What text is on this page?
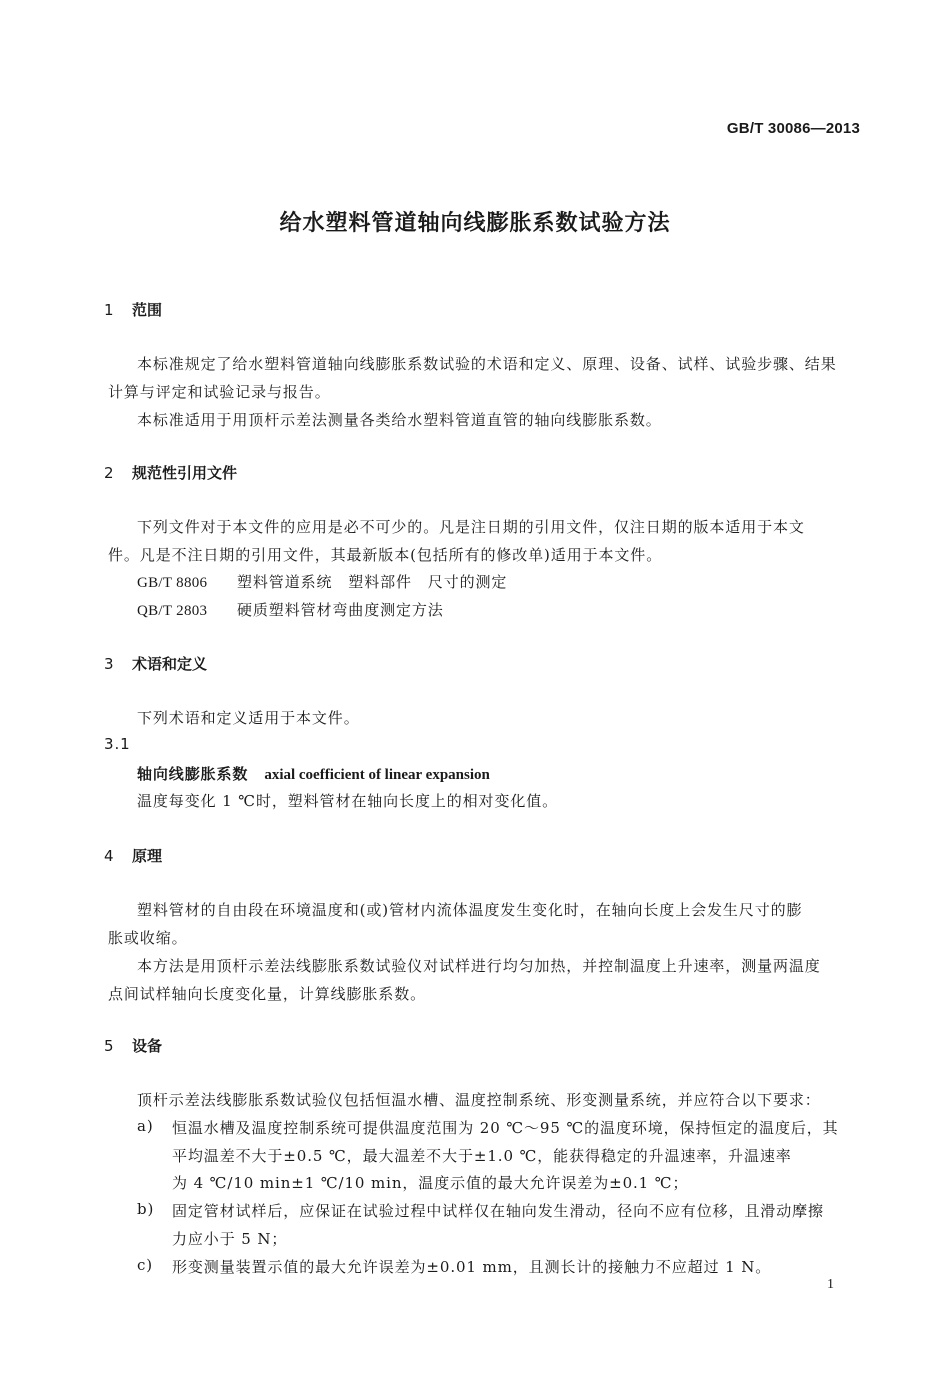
GB/T 30086—2013
给水塑料管道轴向线膨胀系数试验方法
1 范围
本标准规定了给水塑料管道轴向线膨胀系数试验的术语和定义、原理、设备、试样、试验步骤、结果
计算与评定和试验记录与报告。
本标准适用于用顶杆示差法测量各类给水塑料管道直管的轴向线膨胀系数。
2 规范性引用文件
下列文件对于本文件的应用是必不可少的。凡是注日期的引用文件，仅注日期的版本适用于本文
件。凡是不注日期的引用文件，其最新版本(包括所有的修改单)适用于本文件。
GB/T 8806 塑料管道系统　塑料部件　尺寸的测定
QB/T 2803 硬质塑料管材弯曲度测定方法
3 术语和定义
下列术语和定义适用于本文件。
3.1
轴向线膨胀系数 axial coefficient of linear expansion
温度每变化 1 ℃时，塑料管材在轴向长度上的相对变化值。
4 原理
塑料管材的自由段在环境温度和(或)管材内流体温度发生变化时，在轴向长度上会发生尺寸的膨
胀或收缩。
本方法是用顶杆示差法线膨胀系数试验仪对试样进行均匀加热，并控制温度上升速率，测量两温度
点间试样轴向长度变化量，计算线膨胀系数。
5 设备
顶杆示差法线膨胀系数试验仪包括恒温水槽、温度控制系统、形变测量系统，并应符合以下要求：
a) 恒温水槽及温度控制系统可提供温度范围为 20 ℃～95 ℃的温度环境，保持恒定的温度后，其
平均温差不大于±0.5 ℃，最大温差不大于±1.0 ℃，能获得稳定的升温速率，升温速率
为 4 ℃/10 min±1 ℃/10 min，温度示值的最大允许误差为±0.1 ℃；
b) 固定管材试样后，应保证在试验过程中试样仅在轴向发生滑动，径向不应有位移，且滑动摩擦
力应小于 5 N；
c) 形变测量装置示值的最大允许误差为±0.01 mm，且测长计的接触力不应超过 1 N。
1
